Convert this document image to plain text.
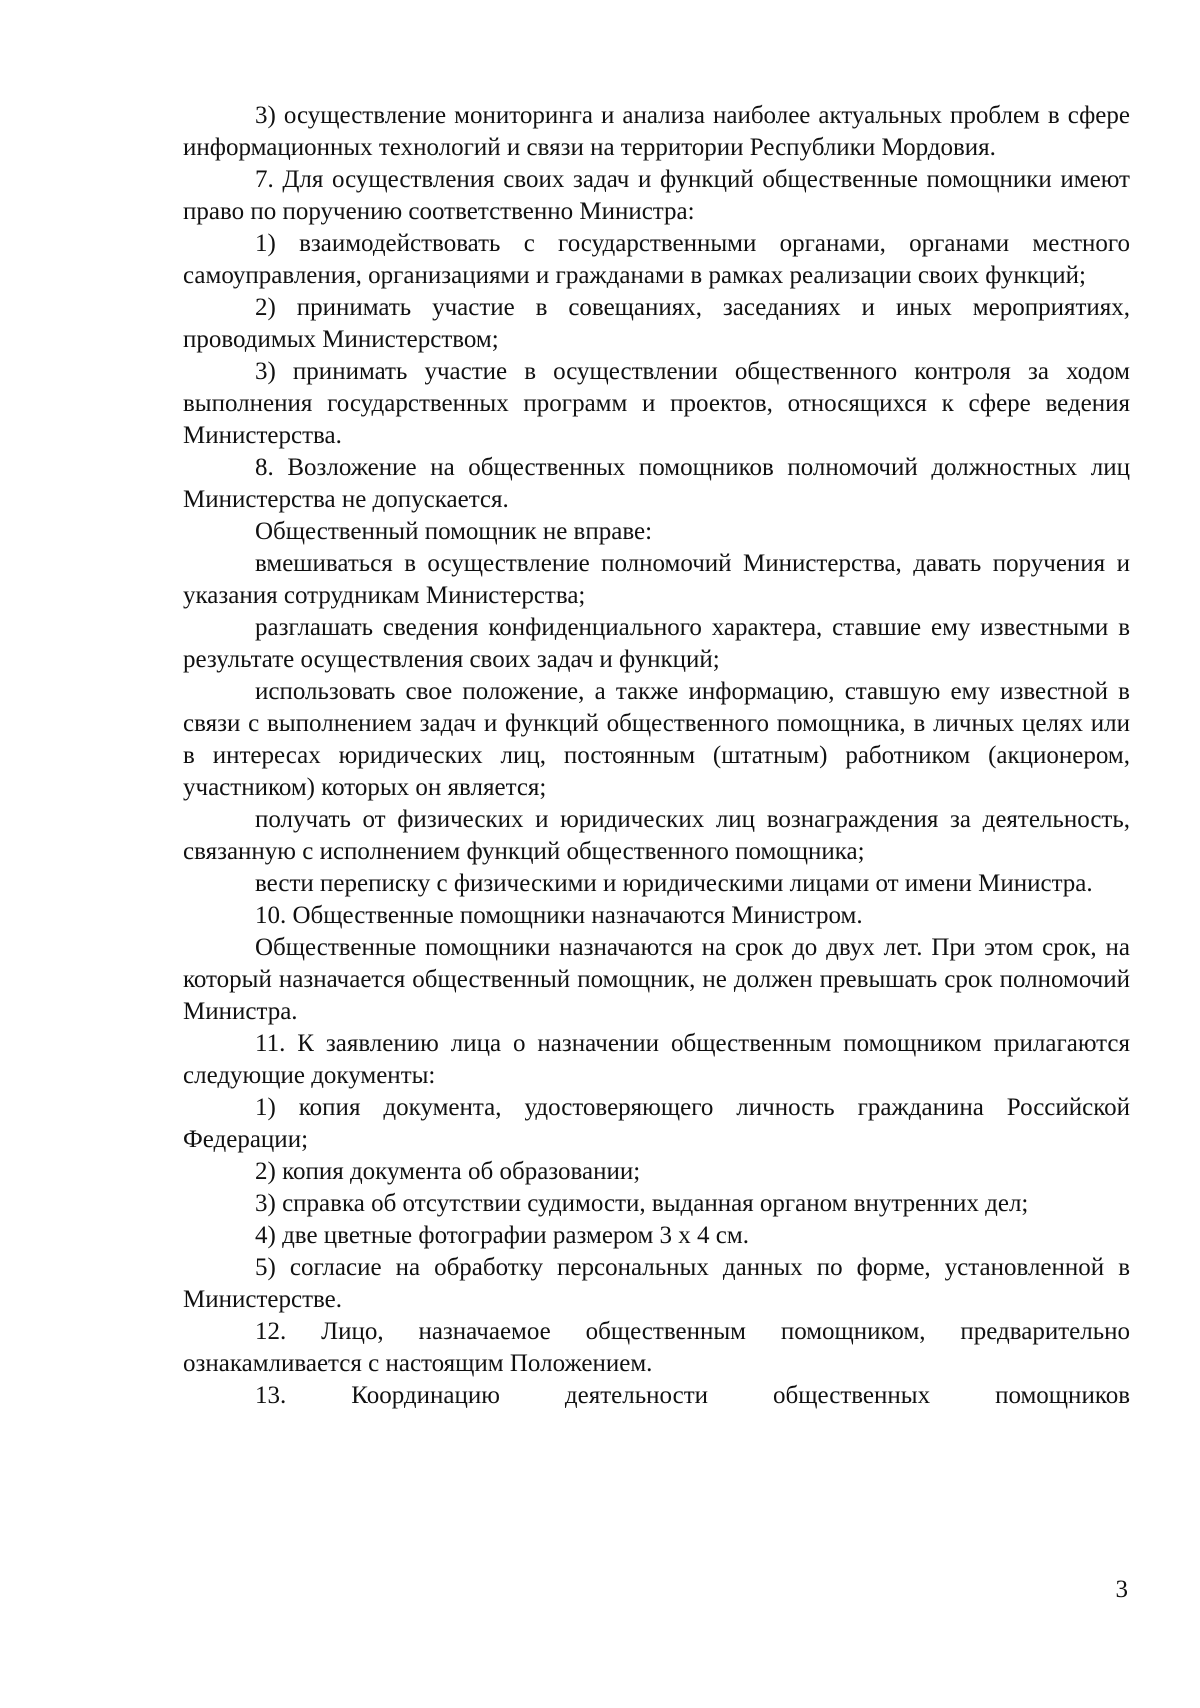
3) осуществление мониторинга и анализа наиболее актуальных проблем в сфере информационных технологий и связи на территории Республики Мордовия.

7. Для осуществления своих задач и функций общественные помощники имеют право по поручению соответственно Министра:

1) взаимодействовать с государственными органами, органами местного самоуправления, организациями и гражданами в рамках реализации своих функций;

2) принимать участие в совещаниях, заседаниях и иных мероприятиях, проводимых Министерством;

3) принимать участие в осуществлении общественного контроля за ходом выполнения государственных программ и проектов, относящихся к сфере ведения Министерства.

8. Возложение на общественных помощников полномочий должностных лиц Министерства не допускается.

Общественный помощник не вправе:

вмешиваться в осуществление полномочий Министерства, давать поручения и указания сотрудникам Министерства;

разглашать сведения конфиденциального характера, ставшие ему известными в результате осуществления своих задач и функций;

использовать свое положение, а также информацию, ставшую ему известной в связи с выполнением задач и функций общественного помощника, в личных целях или в интересах юридических лиц, постоянным (штатным) работником (акционером, участником) которых он является;

получать от физических и юридических лиц вознаграждения за деятельность, связанную с исполнением функций общественного помощника;

вести переписку с физическими и юридическими лицами от имени Министра.

10. Общественные помощники назначаются Министром.

Общественные помощники назначаются на срок до двух лет. При этом срок, на который назначается общественный помощник, не должен превышать срок полномочий Министра.

11. К заявлению лица о назначении общественным помощником прилагаются следующие документы:

1) копия документа, удостоверяющего личность гражданина Российской Федерации;

2) копия документа об образовании;

3) справка об отсутствии судимости, выданная органом внутренних дел;

4) две цветные фотографии размером 3 х 4 см.

5) согласие на обработку персональных данных по форме, установленной в Министерстве.

12. Лицо, назначаемое общественным помощником, предварительно ознакамливается с настоящим Положением.

13. Координацию деятельности общественных помощников

3
